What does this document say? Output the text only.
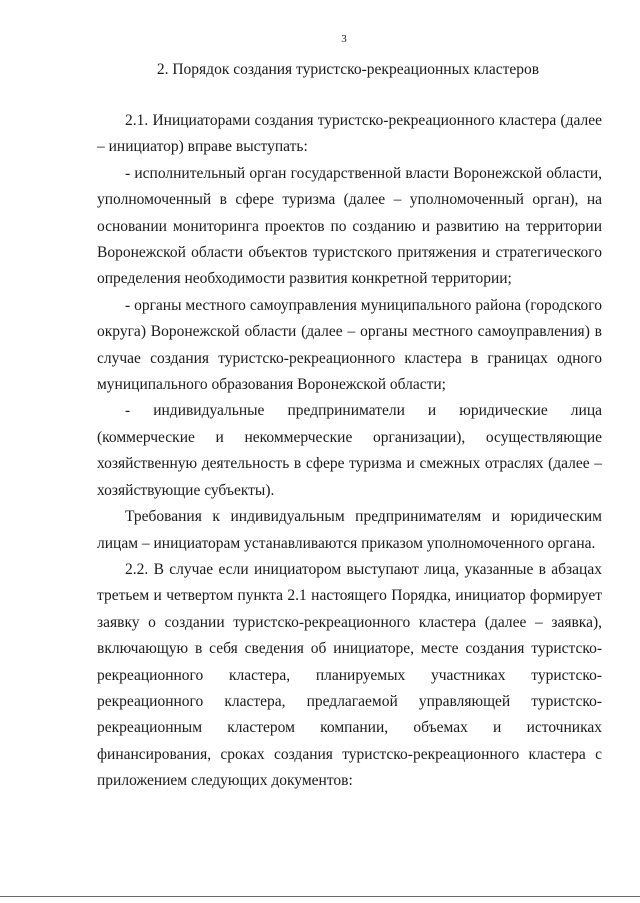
3
2. Порядок создания туристско-рекреационных кластеров

2.1. Инициаторами создания туристско-рекреационного кластера (далее – инициатор) вправе выступать:

- исполнительный орган государственной власти Воронежской области, уполномоченный в сфере туризма (далее – уполномоченный орган), на основании мониторинга проектов по созданию и развитию на территории Воронежской области объектов туристского притяжения и стратегического определения необходимости развития конкретной территории;

- органы местного самоуправления муниципального района (городского округа) Воронежской области (далее – органы местного самоуправления) в случае создания туристско-рекреационного кластера в границах одного муниципального образования Воронежской области;

- индивидуальные предприниматели и юридические лица (коммерческие и некоммерческие организации), осуществляющие хозяйственную деятельность в сфере туризма и смежных отраслях (далее – хозяйствующие субъекты).

Требования к индивидуальным предпринимателям и юридическим лицам – инициаторам устанавливаются приказом уполномоченного органа.

2.2. В случае если инициатором выступают лица, указанные в абзацах третьем и четвертом пункта 2.1 настоящего Порядка, инициатор формирует заявку о создании туристско-рекреационного кластера (далее – заявка), включающую в себя сведения об инициаторе, месте создания туристско-рекреационного кластера, планируемых участниках туристско-рекреационного кластера, предлагаемой управляющей туристско-рекреационным кластером компании, объемах и источниках финансирования, сроках создания туристско-рекреационного кластера с приложением следующих документов:
